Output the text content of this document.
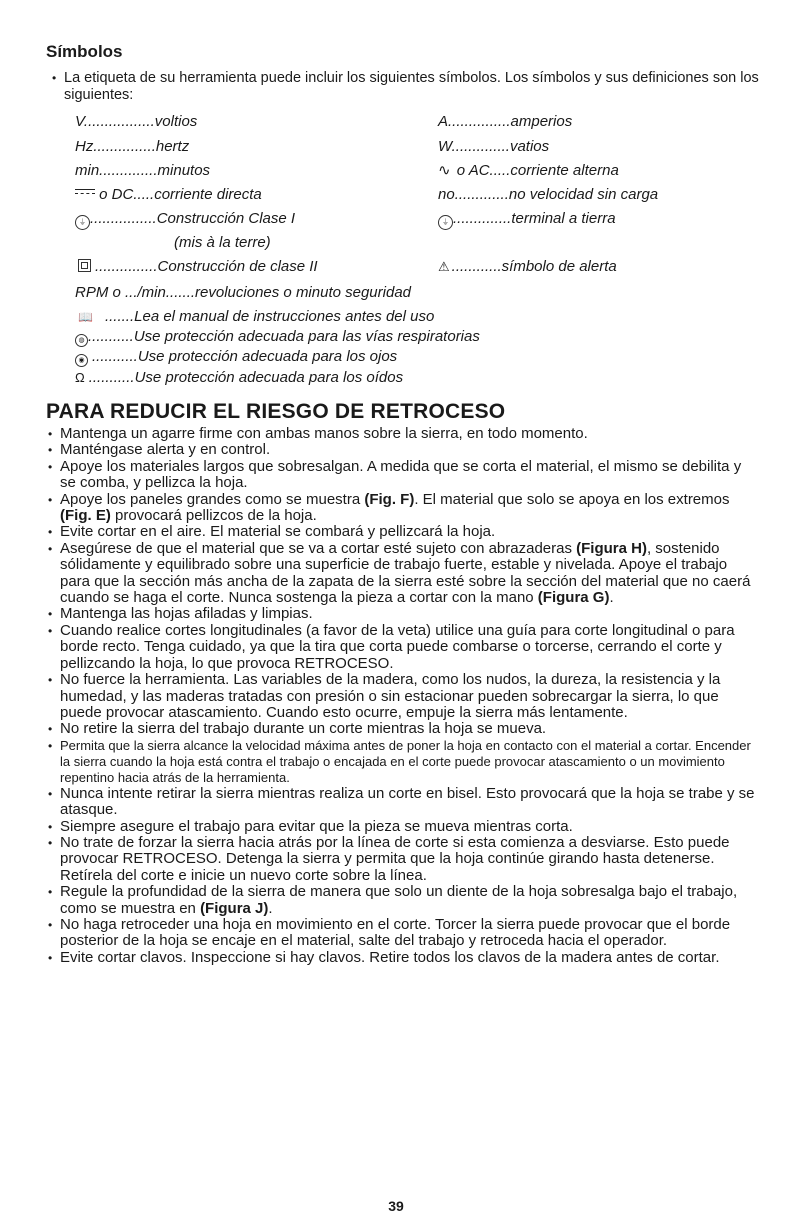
Símbolos
• La etiqueta de su herramienta puede incluir los siguientes símbolos. Los símbolos y sus definiciones son los siguientes:
V.................voltios
Hz...............hertz
min..............minutos
o DC.....corriente directa
⏚ ................Construcción Clase I
(mis à la terre)
...............Construcción de clase II
A...............amperios
W..............vatios
∿ o AC.....corriente alterna
no.............no velocidad sin carga
⏚ ..............terminal a tierra
⚠ ............símbolo de alerta
RPM o .../min.......revoluciones o minuto seguridad
📖 .......Lea el manual de instrucciones antes del uso
◍ ...........Use protección adecuada para las vías respiratorias
◉ ...........Use protección adecuada para los ojos
Ω ...........Use protección adecuada para los oídos
PARA REDUCIR EL RIESGO DE RETROCESO

• Mantenga un agarre firme con ambas manos sobre la sierra, en todo momento.

• Manténgase alerta y en control.

• Apoye los materiales largos que sobresalgan. A medida que se corta el material, el mismo se debilita y se comba, y pellizca la hoja.

• Apoye los paneles grandes como se muestra (Fig. F). El material que solo se apoya en los extremos (Fig. E) provocará pellizcos de la hoja.

• Evite cortar en el aire. El material se combará y pellizcará la hoja.

• Asegúrese de que el material que se va a cortar esté sujeto con abrazaderas (Figura H), sostenido sólidamente y equilibrado sobre una superficie de trabajo fuerte, estable y nivelada. Apoye el trabajo para que la sección más ancha de la zapata de la sierra esté sobre la sección del material que no caerá cuando se haga el corte. Nunca sostenga la pieza a cortar con la mano (Figura G).

• Mantenga las hojas afiladas y limpias.

• Cuando realice cortes longitudinales (a favor de la veta) utilice una guía para corte longitudinal o para borde recto. Tenga cuidado, ya que la tira que corta puede combarse o torcerse, cerrando el corte y pellizcando la hoja, lo que provoca RETROCESO.

• No fuerce la herramienta. Las variables de la madera, como los nudos, la dureza, la resistencia y la humedad, y las maderas tratadas con presión o sin estacionar pueden sobrecargar la sierra, lo que puede provocar atascamiento. Cuando esto ocurre, empuje la sierra más lentamente.

• No retire la sierra del trabajo durante un corte mientras la hoja se mueva.

• Permita que la sierra alcance la velocidad máxima antes de poner la hoja en contacto con el material a cortar. Encender la sierra cuando la hoja está contra el trabajo o encajada en el corte puede provocar atascamiento o un movimiento repentino hacia atrás de la herramienta.

• Nunca intente retirar la sierra mientras realiza un corte en bisel. Esto provocará que la hoja se trabe y se atasque.

• Siempre asegure el trabajo para evitar que la pieza se mueva mientras corta.

• No trate de forzar la sierra hacia atrás por la línea de corte si esta comienza a desviarse. Esto puede provocar RETROCESO. Detenga la sierra y permita que la hoja continúe girando hasta detenerse. Retírela del corte e inicie un nuevo corte sobre la línea.

• Regule la profundidad de la sierra de manera que solo un diente de la hoja sobresalga bajo el trabajo, como se muestra en (Figura J).

• No haga retroceder una hoja en movimiento en el corte. Torcer la sierra puede provocar que el borde posterior de la hoja se encaje en el material, salte del trabajo y retroceda hacia el operador.

• Evite cortar clavos. Inspeccione si hay clavos. Retire todos los clavos de la madera antes de cortar.

39
